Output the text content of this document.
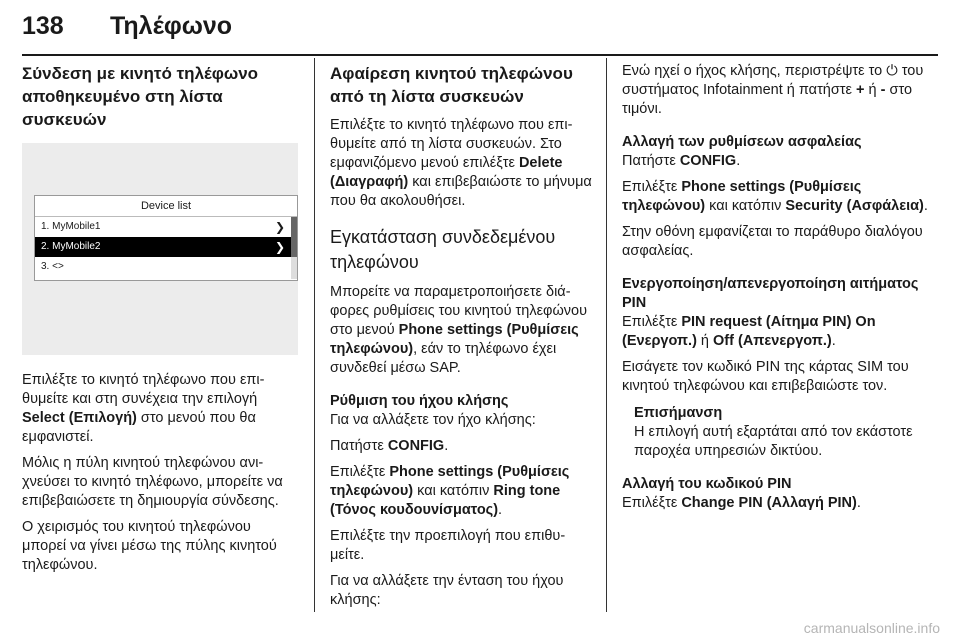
138 Τηλέφωνο
Σύνδεση με κινητό τηλέφωνο αποθηκευμένο στη λίστα συσκευών
Device list
1. MyMobile1	❯
2. MyMobile2	❯
3. <>

Επιλέξτε το κινητό τηλέφωνο που επιθυμείτε και στη συνέχεια την επιλογή Select (Επιλογή) στο μενού που θα εμφανιστεί.

Μόλις η πύλη κινητού τηλεφώνου ανιχνεύσει το κινητό τηλέφωνο, μπορείτε να επιβεβαιώσετε τη δημιουργία σύνδεσης.

Ο χειρισμός του κινητού τηλεφώνου μπορεί να γίνει μέσω της πύλης κινητού τηλεφώνου.

Αφαίρεση κινητού τηλεφώνου από τη λίστα συσκευών

Επιλέξτε το κινητό τηλέφωνο που επιθυμείτε από τη λίστα συσκευών. Στο εμφανιζόμενο μενού επιλέξτε Delete (Διαγραφή) και επιβεβαιώστε το μήνυμα που θα ακολουθήσει.

Εγκατάσταση συνδεδεμένου τηλεφώνου

Μπορείτε να παραμετροποιήσετε διάφορες ρυθμίσεις του κινητού τηλεφώνου στο μενού Phone settings (Ρυθμίσεις τηλεφώνου), εάν το τηλέφωνο έχει συνδεθεί μέσω SAP.

Ρύθμιση του ήχου κλήσης

Για να αλλάξετε τον ήχο κλήσης:

Πατήστε CONFIG.

Επιλέξτε Phone settings (Ρυθμίσεις τηλεφώνου) και κατόπιν Ring tone (Τόνος κουδουνίσματος).

Επιλέξτε την προεπιλογή που επιθυμείτε.

Για να αλλάξετε την ένταση του ήχου κλήσης:

Ενώ ηχεί ο ήχος κλήσης, περιστρέψτε το ⏻ του συστήματος Infotainment ή πατήστε + ή - στο τιμόνι.

Αλλαγή των ρυθμίσεων ασφαλείας

Πατήστε CONFIG.

Επιλέξτε Phone settings (Ρυθμίσεις τηλεφώνου) και κατόπιν Security (Ασφάλεια).

Στην οθόνη εμφανίζεται το παράθυρο διαλόγου ασφαλείας.

Ενεργοποίηση/απενεργοποίηση αιτήματος PIN

Επιλέξτε PIN request (Αίτημα PIN) On (Ενεργοπ.) ή Off (Απενεργοπ.).

Εισάγετε τον κωδικό PIN της κάρτας SIM του κινητού τηλεφώνου και επιβεβαιώστε τον.

Επισήμανση
Η επιλογή αυτή εξαρτάται από τον εκάστοτε παροχέα υπηρεσιών δικτύου.
Αλλαγή του κωδικού PIN

Επιλέξτε Change PIN (Αλλαγή PIN).

carmanualsonline.info
